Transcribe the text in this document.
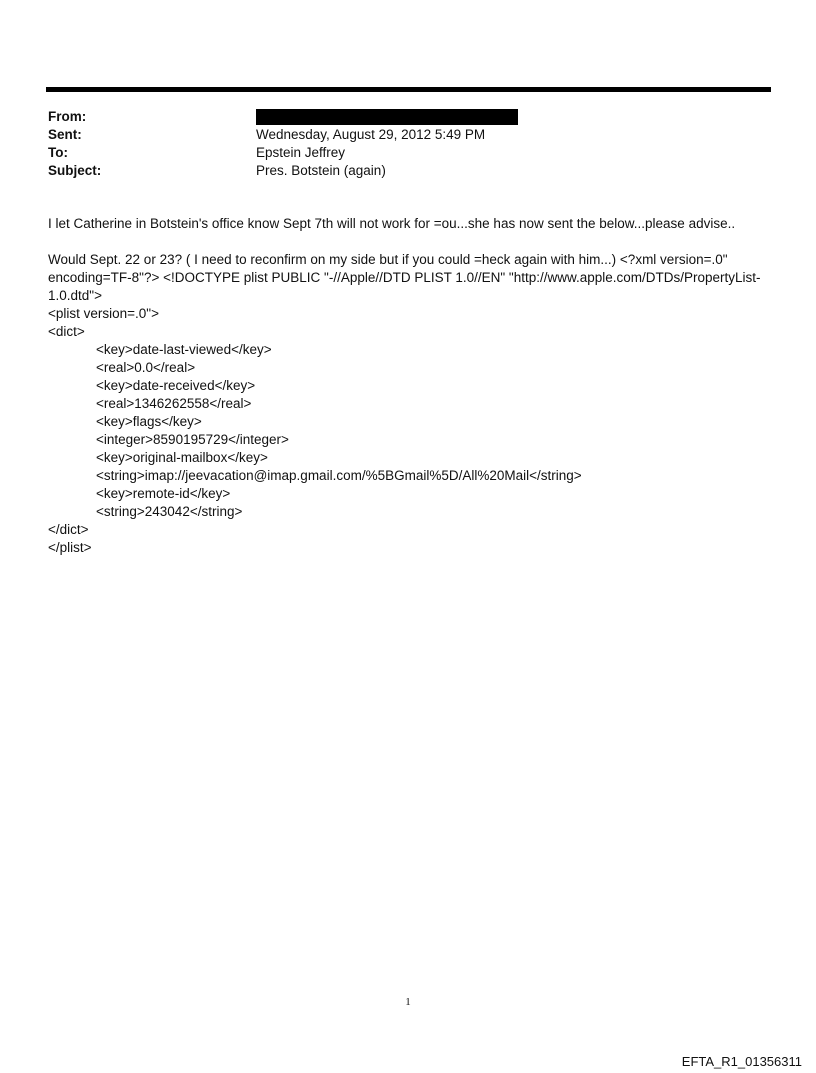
From:
Sent:	Wednesday, August 29, 2012 5:49 PM
To:	Epstein Jeffrey
Subject:	Pres. Botstein (again)

I let Catherine in Botstein's office know Sept 7th will not work for =ou...she has now sent the below...please advise..

Would Sept. 22 or 23? ( I need to reconfirm on my side but if you could =heck again with him...) <?xml version=.0"

encoding=TF-8"?> <!DOCTYPE plist PUBLIC "-//Apple//DTD PLIST 1.0//EN" "http://www.apple.com/DTDs/PropertyList-

1.0.dtd">

<plist version=.0">

<dict>

<key>date-last-viewed</key>

<real>0.0</real>

<key>date-received</key>

<real>1346262558</real>

<key>flags</key>

<integer>8590195729</integer>

<key>original-mailbox</key>

<string>imap://jeevacation@imap.gmail.com/%5BGmail%5D/All%20Mail</string>

<key>remote-id</key>

<string>243042</string>

</dict>

</plist>

1
EFTA_R1_01356311
